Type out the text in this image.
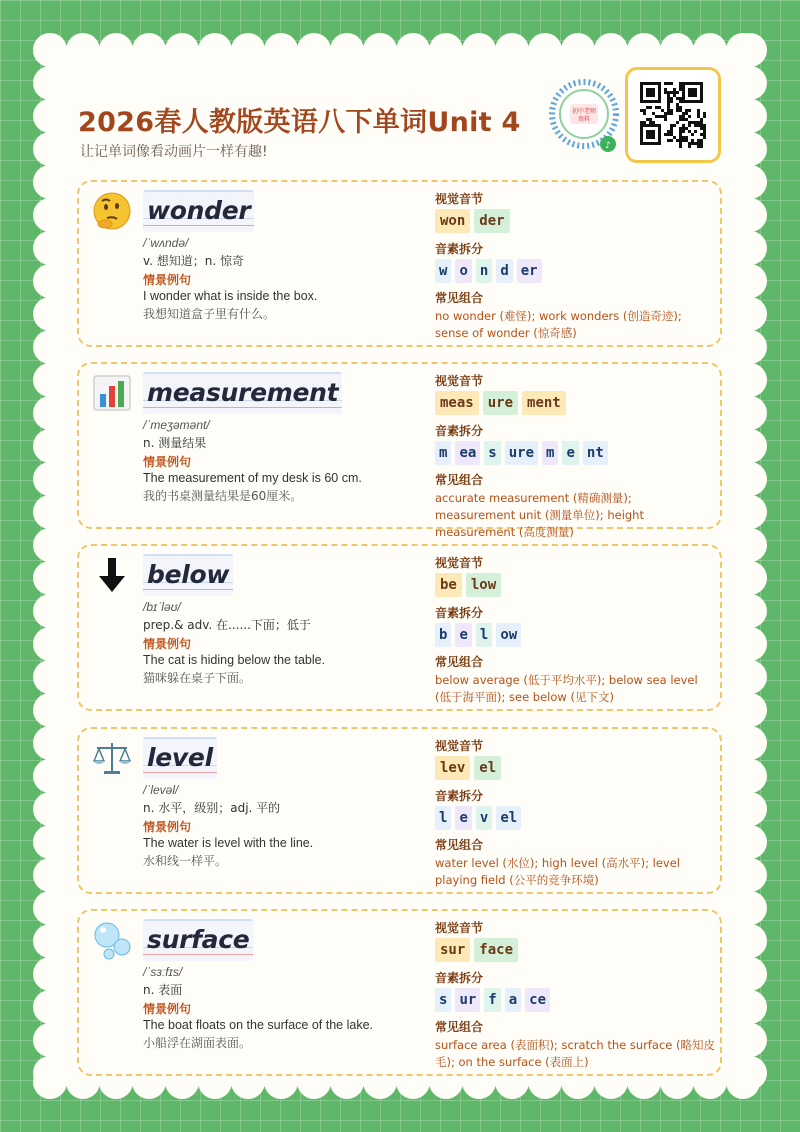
2026春人教版英语八下单词Unit 4
让记单词像看动画片一样有趣!
初中老师
资料
♪
wonder
/ˈwʌndə/
v. 想知道；n. 惊奇
情景例句
I wonder what is inside the box.
我想知道盒子里有什么。
视觉音节
won	der
音素拆分
w o n d er
常见组合
no wonder (难怪); work wonders (创造奇迹); sense of wonder (惊奇感)
measurement
/ˈmeʒəmənt/
n. 测量结果
情景例句
The measurement of my desk is 60 cm.
我的书桌测量结果是60厘米。
视觉音节
meas	ure	ment
音素拆分
m ea s ure m e nt
常见组合
accurate measurement (精确测量); measurement unit (测量单位); height measurement (高度测量)
below
/bɪˈləʊ/
prep.& adv. 在......下面；低于
情景例句
The cat is hiding below the table.
猫咪躲在桌子下面。
视觉音节
be	low
音素拆分
b e l ow
常见组合
below average (低于平均水平); below sea level (低于海平面); see below (见下文)
level
/ˈlevəl/
n. 水平，级别；adj. 平的
情景例句
The water is level with the line.
水和线一样平。
视觉音节
lev	el
音素拆分
l e v el
常见组合
water level (水位); high level (高水平); level playing field (公平的竞争环境)
surface
/ˈsɜːfɪs/
n. 表面
情景例句
The boat floats on the surface of the lake.
小船浮在湖面表面。
视觉音节
sur	face
音素拆分
s ur f a ce
常见组合
surface area (表面积); scratch the surface (略知皮毛); on the surface (表面上)
